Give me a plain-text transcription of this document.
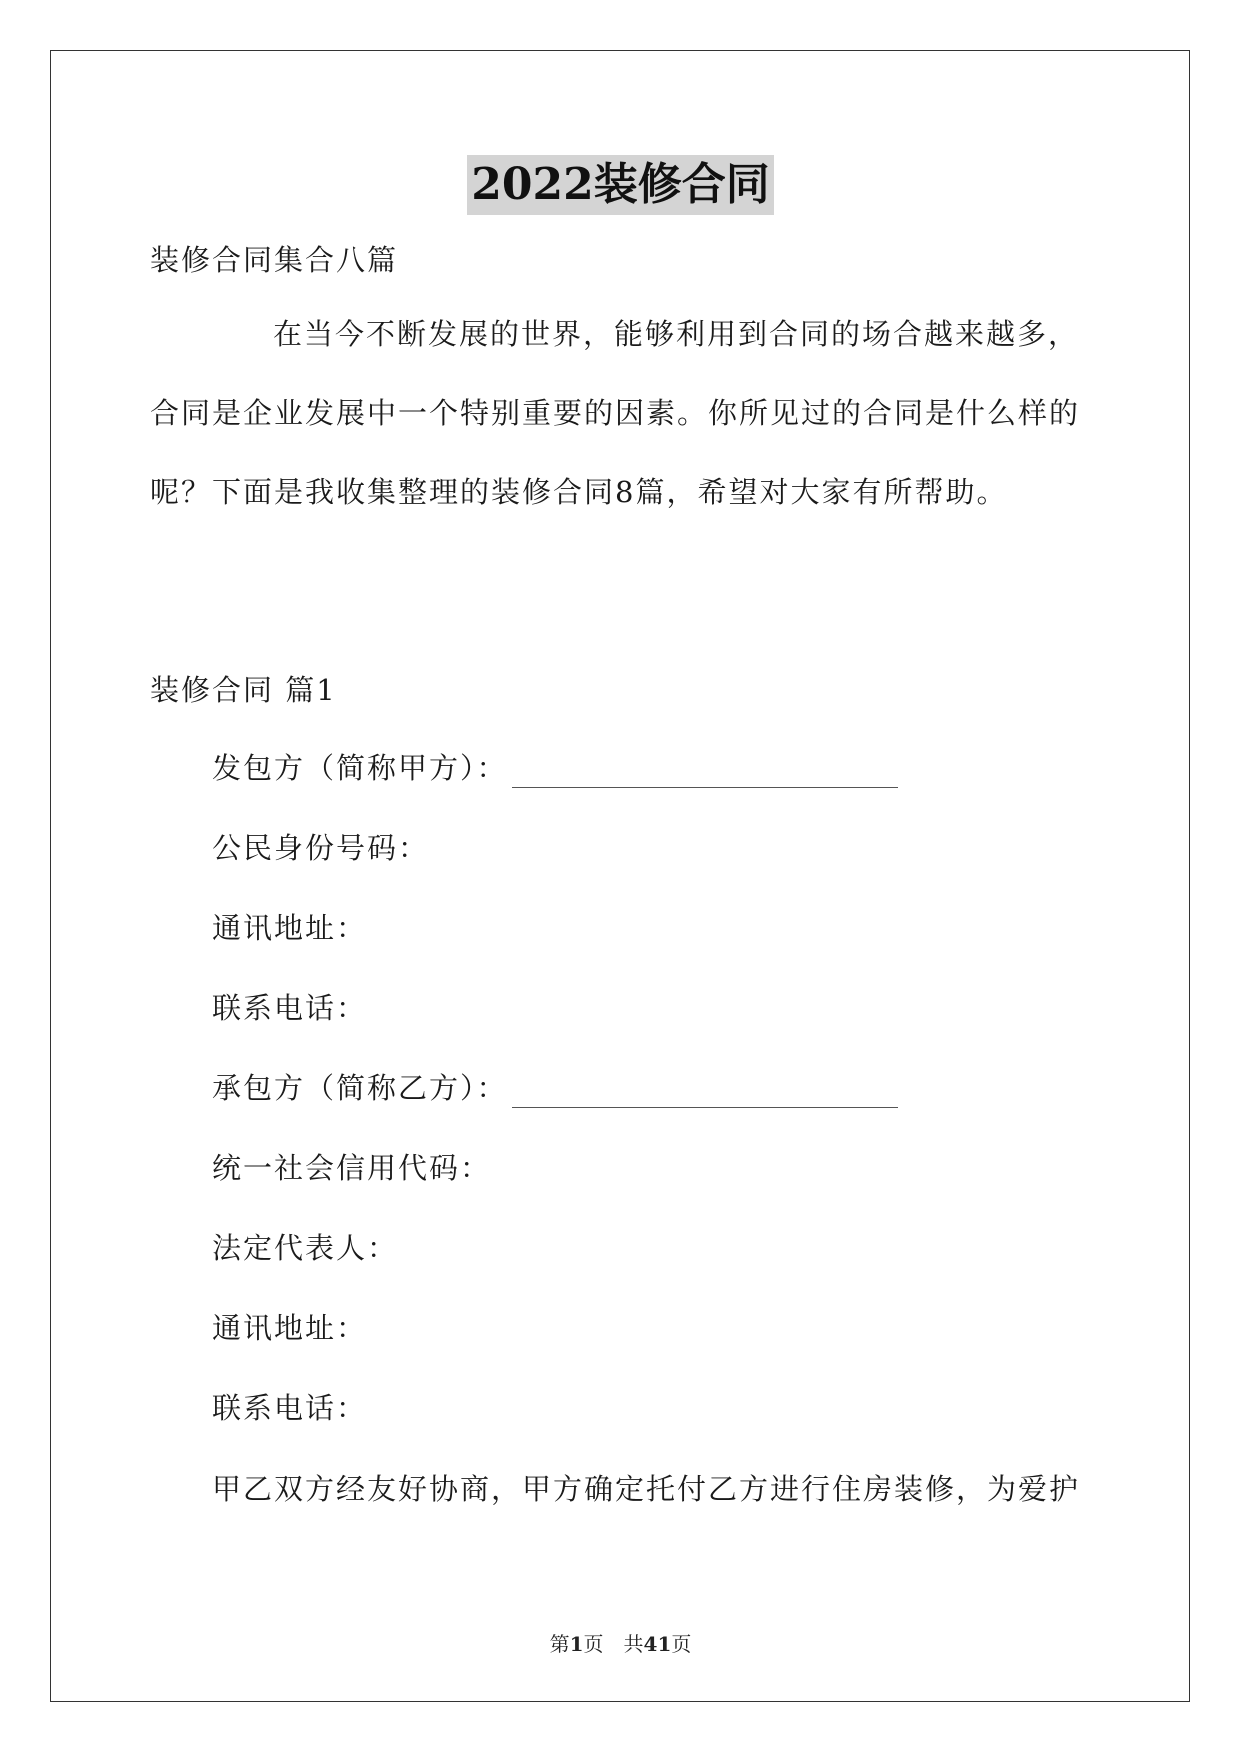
2022装修合同
装修合同集合八篇
在当今不断发展的世界，能够利用到合同的场合越来越多，
合同是企业发展中一个特别重要的因素。你所见过的合同是什么样的
呢？下面是我收集整理的装修合同8篇，希望对大家有所帮助。
装修合同 篇1
发包方（简称甲方）：
公民身份号码：
通讯地址：
联系电话：
承包方（简称乙方）：
统一社会信用代码：
法定代表人：
通讯地址：
联系电话：
甲乙双方经友好协商，甲方确定托付乙方进行住房装修，为爱护
第1页　共41页
